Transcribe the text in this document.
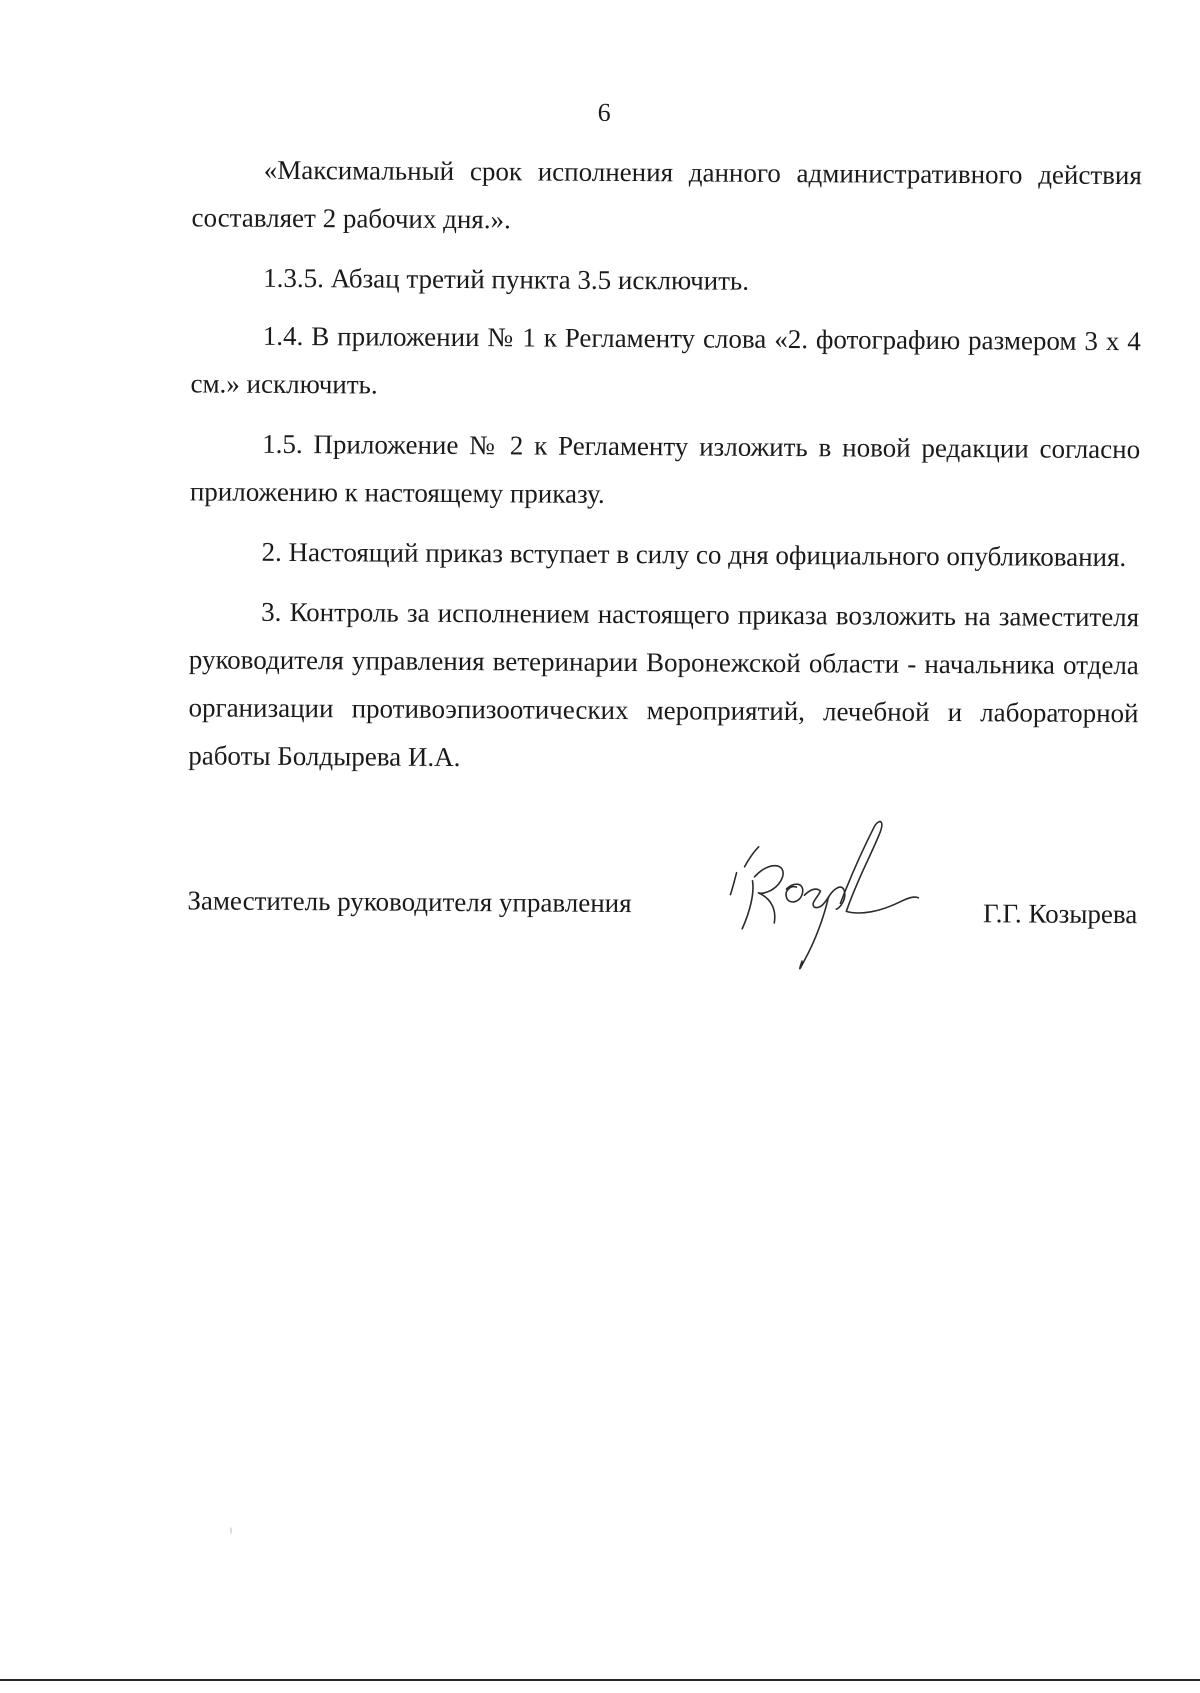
6

«Максимальный срок исполнения данного административного действия составляет 2 рабочих дня.».

1.3.5. Абзац третий пункта 3.5 исключить.

1.4. В приложении № 1 к Регламенту слова «2. фотографию размером 3 х 4 см.» исключить.

1.5. Приложение № 2 к Регламенту изложить в новой редакции согласно приложению к настоящему приказу.

2. Настоящий приказ вступает в силу со дня официального опубликования.

3. Контроль за исполнением настоящего приказа возложить на заместителя руководителя управления ветеринарии Воронежской области - начальника отдела организации противоэпизоотических мероприятий, лечебной и лабораторной работы Болдырева И.А.

Заместитель руководителя управления	Г.Г. Козырева
